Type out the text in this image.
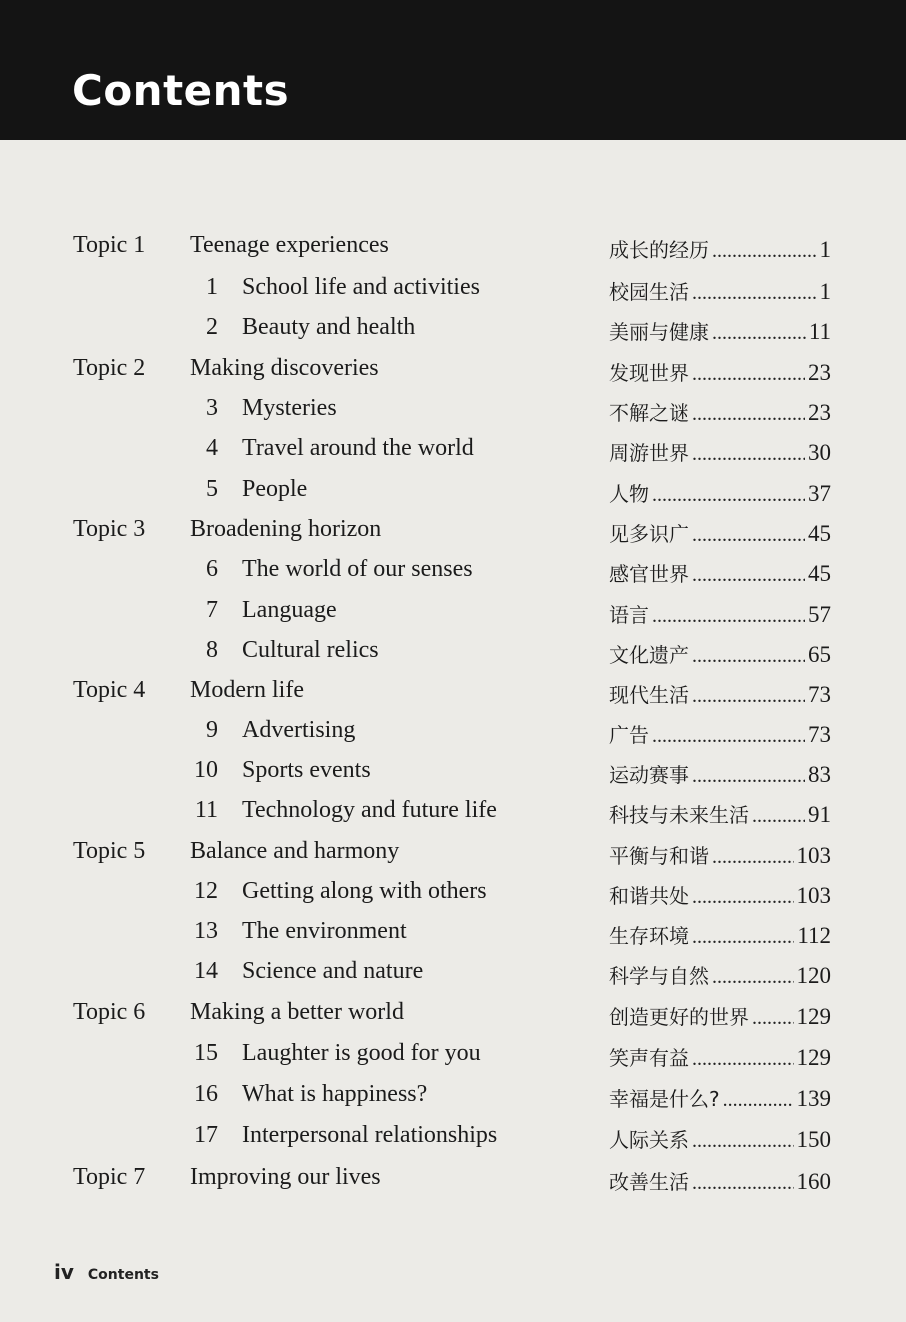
Contents
Topic 1 Teenage experiences	成长的经历 .....	1
1 School life and activities	校园生活 .....	1
2 Beauty and health	美丽与健康 .....	11
Topic 2 Making discoveries	发现世界 .....	23
3 Mysteries	不解之谜 .....	23
4 Travel around the world	周游世界 .....	30
5 People	人物 .....	37
Topic 3 Broadening horizon	见多识广 .....	45
6 The world of our senses	感官世界 .....	45
7 Language	语言 .....	57
8 Cultural relics	文化遗产 .....	65
Topic 4 Modern life	现代生活 .....	73
9 Advertising	广告 .....	73
10 Sports events	运动赛事 .....	83
11 Technology and future life	科技与未来生活 .....	91
Topic 5 Balance and harmony	平衡与和谐 .....	103
12 Getting along with others	和谐共处 .....	103
13 The environment	生存环境 .....	112
14 Science and nature	科学与自然 .....	120
Topic 6 Making a better world	创造更好的世界 ..... 129
15 Laughter is good for you	笑声有益 .....	129
16 What is happiness?	幸福是什么? .....	139
17 Interpersonal relationships	人际关系 .....	150
Topic 7 Improving our lives	改善生活 .....	160
iv Contents
